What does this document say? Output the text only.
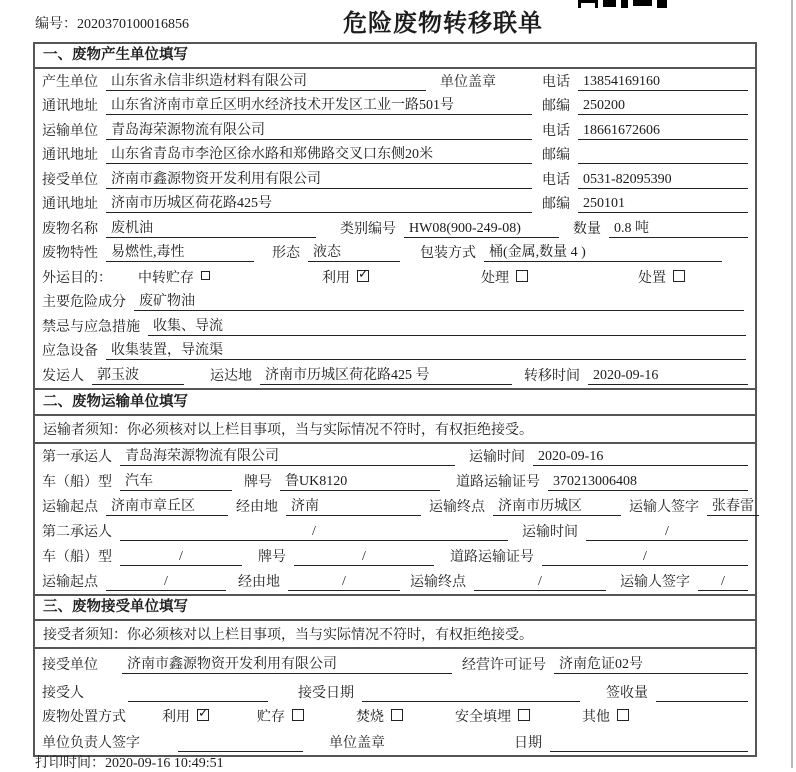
编号：2020370100016856	危险废物转移联单
一、废物产生单位填写
产生单位 山东省永信非织造材料有限公司	单位盖章	电话 13854169160
通讯地址 山东省济南市章丘区明水经济技术开发区工业一路501号	邮编 250200
运输单位 青岛海荣源物流有限公司	电话 18661672606
通讯地址 山东省青岛市李沧区徐水路和郑佛路交叉口东侧20米	邮编
接受单位 济南市鑫源物资开发利用有限公司	电话 0531-82095390
通讯地址 济南市历城区荷花路425号	邮编 250101
废物名称 废机油	类别编号 HW08(900-249-08)	数量 0.8 吨
废物特性 易燃性,毒性	形态 液态	包装方式 桶(金属,数量 4 )
外运目的： 中转贮存	利用 ✓	处理	处置
主要危险成分 废矿物油
禁忌与应急措施 收集、导流
应急设备 收集装置，导流渠
发运人 郭玉波	运达地 济南市历城区荷花路425 号	转移时间 2020-09-16
二、废物运输单位填写
运输者须知：你必须核对以上栏目事项，当与实际情况不符时，有权拒绝接受。
第一承运人 青岛海荣源物流有限公司	运输时间 2020-09-16
车（船）型 汽车	牌号 鲁UK8120	道路运输证号 370213006408
运输起点 济南市章丘区	经由地 济南	运输终点 济南市历城区	运输人签字 张春雷
第二承运人	/	运输时间	/
车（船）型	/	牌号	/	道路运输证号	/
运输起点	/	经由地	/	运输终点	/	运输人签字	/
三、废物接受单位填写
接受者须知：你必须核对以上栏目事项，当与实际情况不符时，有权拒绝接受。
接受单位	济南市鑫源物资开发利用有限公司	经营许可证号 济南危证02号
接受人	接受日期	签收量
废物处置方式	利用 ✓	贮存	焚烧	安全填埋	其他
单位负责人签字	单位盖章	日期
打印时间：2020-09-16 10:49:51
